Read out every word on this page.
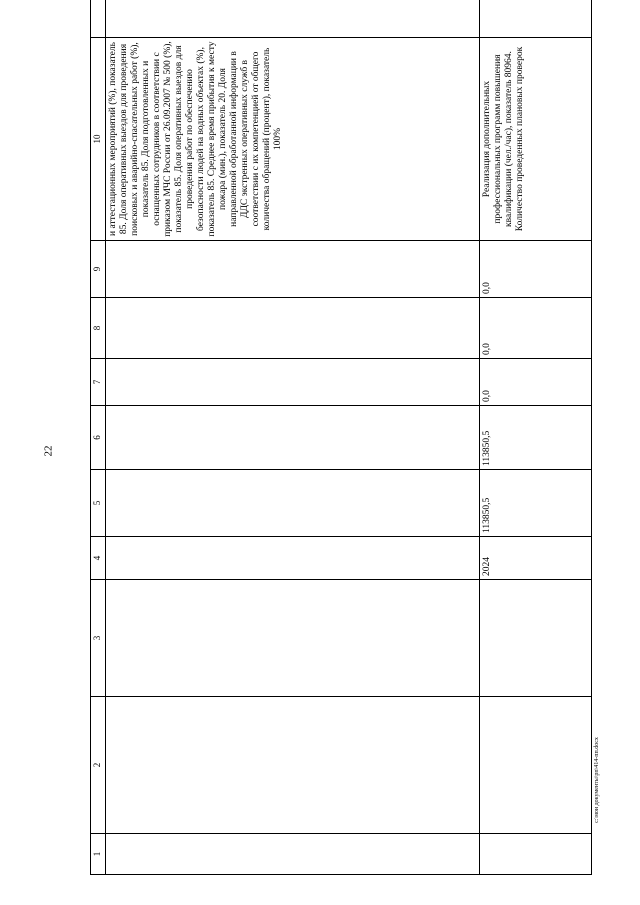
22
1	2	3	4	5	6	7	8	9	10	
									и аттестационных мероприятий (%), показатель 85. Доля оперативных выездов для проведения поисковых и аварийно-спасательных работ (%), показатель 85. Доля подготовленных и оснащенных сотрудников в соответствии с приказом МЧС России от 26.09.2007 № 500 (%), показатель 85. Доля оперативных выездов для проведения работ по обеспечению безопасности людей на водных объектах (%), показатель 85. Среднее время прибытия к месту пожара (мин.), показатель 20. Доля направленной обработанной информации в ДДС экстренных оперативных служб в соответствии с их компетенцией от общего количества обращений (процент), показатель 100%	
			2024	113850,5	113850,5	0,0	0,0	0,0	Реализация дополнительных профессиональных программ повышения квалификации (чел./час), показатель 80964. Количество проведенных плановых проверок	
c:\мои документы\рп\414-пп.docx
